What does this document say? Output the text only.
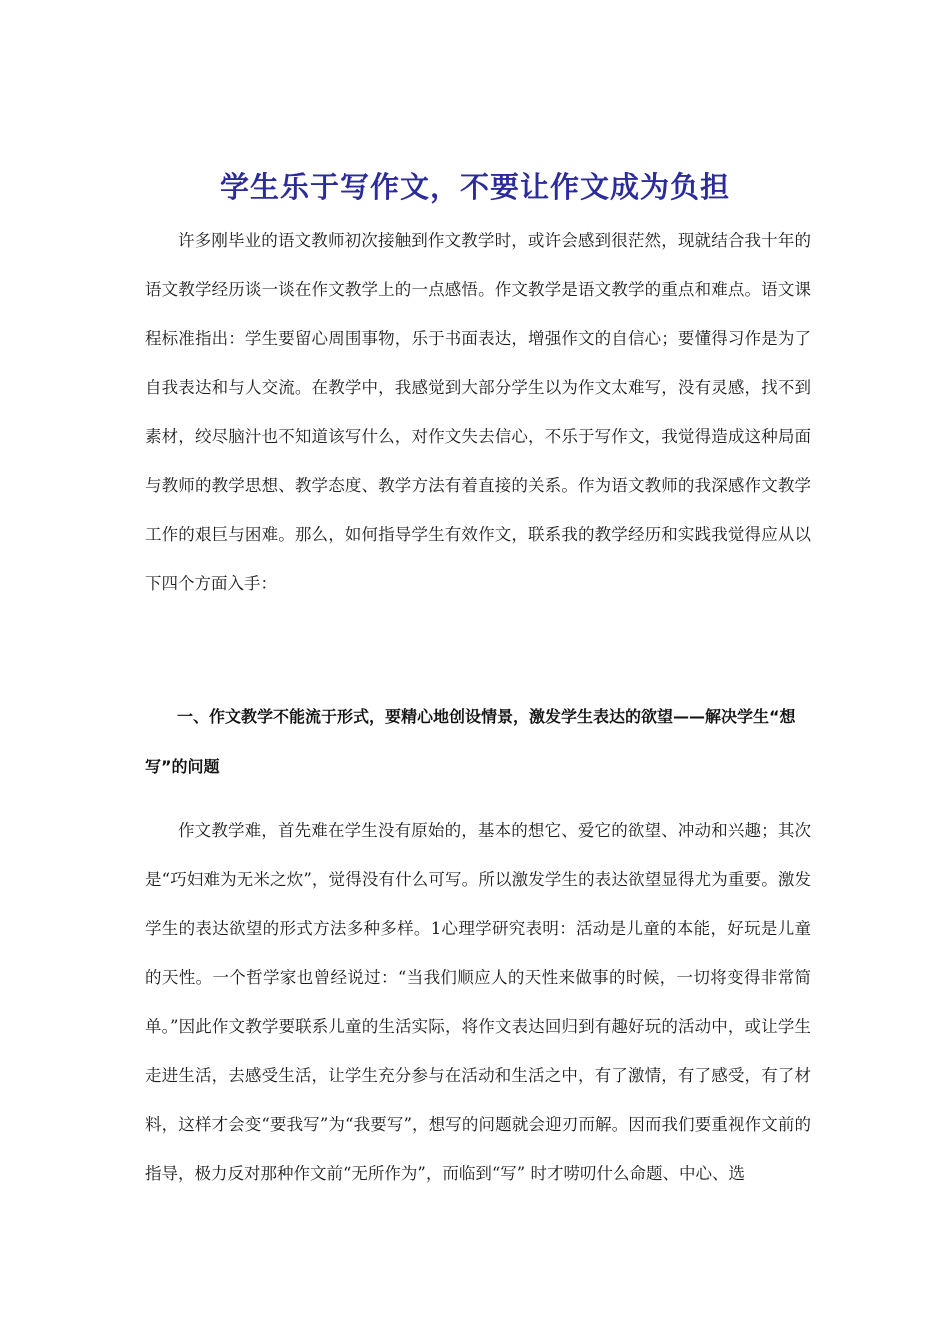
学生乐于写作文，不要让作文成为负担

许多刚毕业的语文教师初次接触到作文教学时，或许会感到很茫然，现就结合我十年的语文教学经历谈一谈在作文教学上的一点感悟。作文教学是语文教学的重点和难点。语文课程标准指出：学生要留心周围事物，乐于书面表达，增强作文的自信心；要懂得习作是为了自我表达和与人交流。在教学中，我感觉到大部分学生以为作文太难写，没有灵感，找不到素材，绞尽脑汁也不知道该写什么，对作文失去信心，不乐于写作文，我觉得造成这种局面与教师的教学思想、教学态度、教学方法有着直接的关系。作为语文教师的我深感作文教学工作的艰巨与困难。那么，如何指导学生有效作文，联系我的教学经历和实践我觉得应从以下四个方面入手：

一、作文教学不能流于形式，要精心地创设情景，激发学生表达的欲望——解决学生“想写”的问题

作文教学难，首先难在学生没有原始的，基本的想它、爱它的欲望、冲动和兴趣；其次是“巧妇难为无米之炊”，觉得没有什么可写。所以激发学生的表达欲望显得尤为重要。激发学生的表达欲望的形式方法多种多样。1心理学研究表明：活动是儿童的本能，好玩是儿童的天性。一个哲学家也曾经说过：“当我们顺应人的天性来做事的时候，一切将变得非常简单。”因此作文教学要联系儿童的生活实际，将作文表达回归到有趣好玩的活动中，或让学生走进生活，去感受生活，让学生充分参与在活动和生活之中，有了激情，有了感受，有了材料，这样才会变“要我写”为“我要写”，想写的问题就会迎刃而解。因而我们要重视作文前的指导，极力反对那种作文前“无所作为”，而临到“写” 时才唠叨什么命题、中心、选
